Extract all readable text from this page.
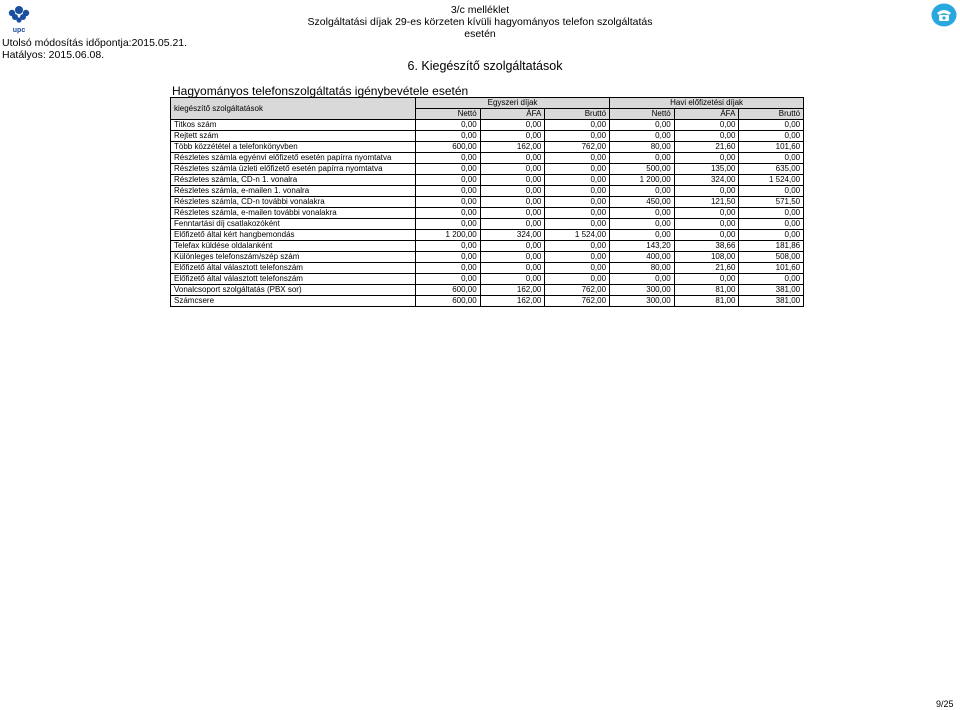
upc
3/c melléklet
Szolgáltatási díjak 29-es körzeten kívüli hagyományos telefon szolgáltatás esetén
Utolsó módosítás időpontja:2015.05.21.
Hatályos: 2015.06.08.
6. Kiegészítő szolgáltatások
Hagyományos telefonszolgáltatás igénybevétele esetén
kiegészítő szolgáltatások	Egyszeri díjak			Havi előfizetési díjak		
	Nettó	ÁFA	Bruttó	Nettó	ÁFA	Bruttó
Titkos szám	0,00	0,00	0,00	0,00	0,00	0,00
Rejtett szám	0,00	0,00	0,00	0,00	0,00	0,00
Több közzététel a telefonkönyvben	600,00	162,00	762,00	80,00	21,60	101,60
Részletes számla egyénvi előfizető esetén papírra nyomtatva	0,00	0,00	0,00	0,00	0,00	0,00
Részletes számla üzleti előfizető esetén papírra nyomtatva	0,00	0,00	0,00	500,00	135,00	635,00
Részletes számla, CD-n 1. vonalra	0,00	0,00	0,00	1 200,00	324,00	1 524,00
Részletes számla, e-mailen 1. vonalra	0,00	0,00	0,00	0,00	0,00	0,00
Részletes számla, CD-n további vonalakra	0,00	0,00	0,00	450,00	121,50	571,50
Részletes számla, e-mailen további vonalakra	0,00	0,00	0,00	0,00	0,00	0,00
Fenntartási díj csatlakozóként	0,00	0,00	0,00	0,00	0,00	0,00
Előfizető által kért hangbemondás	1 200,00	324,00	1 524,00	0,00	0,00	0,00
Telefax küldése oldalanként	0,00	0,00	0,00	143,20	38,66	181,86
Különleges telefonszám/szép szám	0,00	0,00	0,00	400,00	108,00	508,00
Előfizető által választott telefonszám	0,00	0,00	0,00	80,00	21,60	101,60
Előfizető által választott telefonszám	0,00	0,00	0,00	0,00	0,00	0,00
Vonalcsoport szolgáltatás (PBX sor)	600,00	162,00	762,00	300,00	81,00	381,00
Számcsere	600,00	162,00	762,00	300,00	81,00	381,00
9/25
